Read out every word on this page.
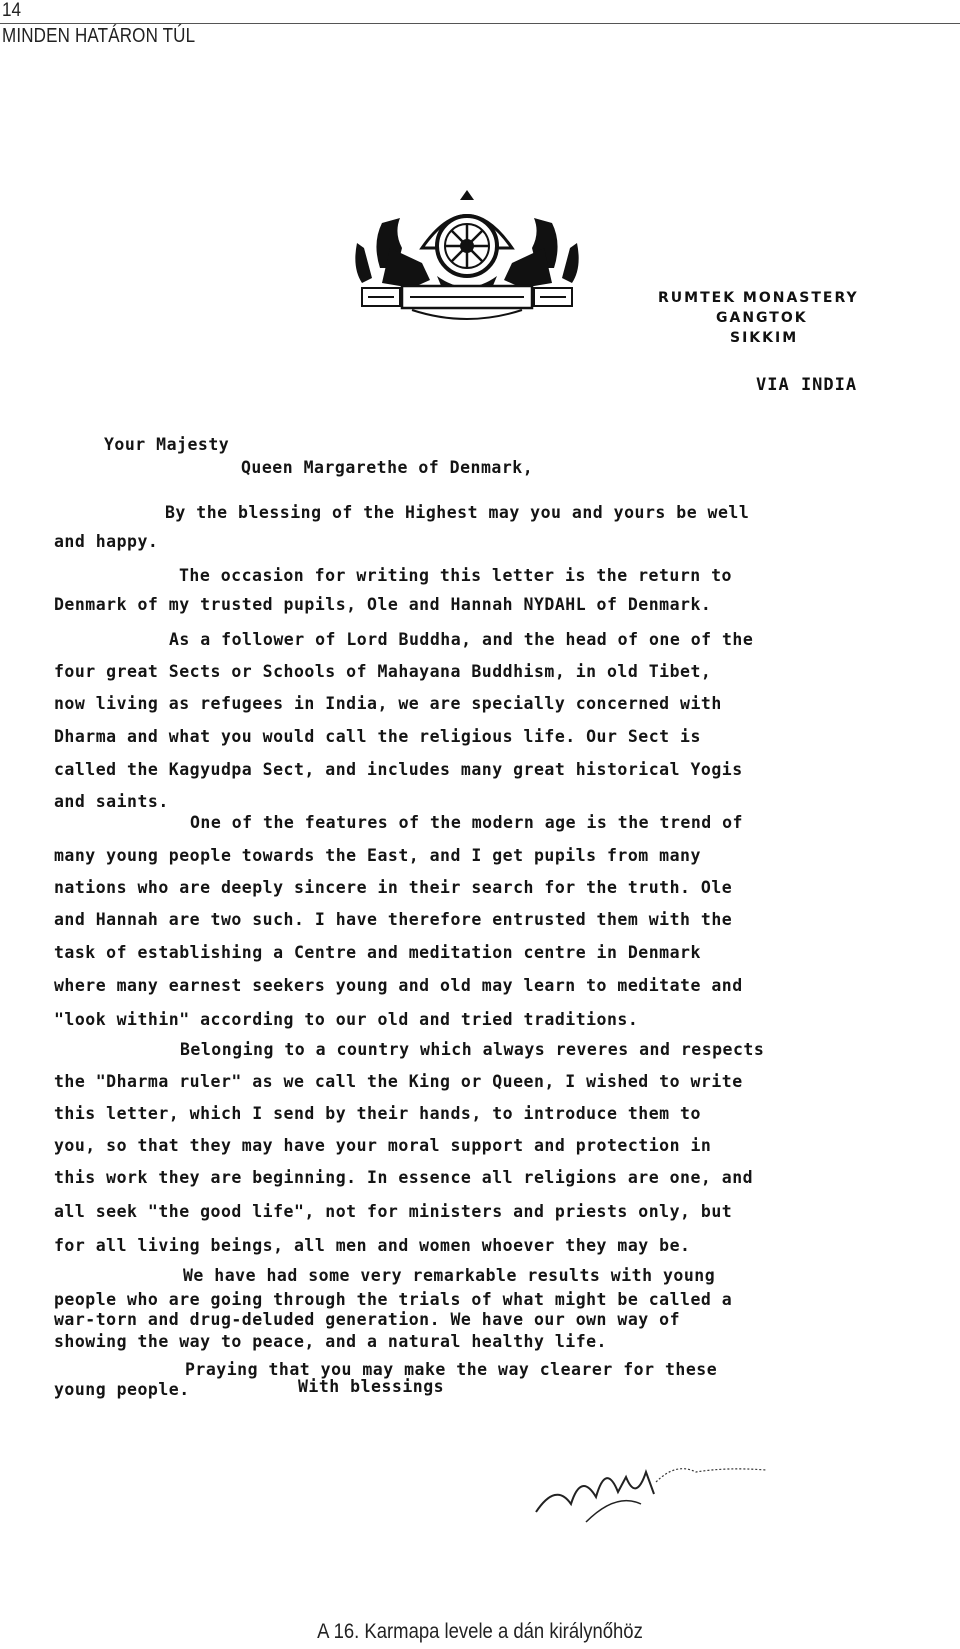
14
MINDEN HATÁRON TÚL
RUMTEK MONASTERY
GANGTOK
SIKKIM
VIA INDIA
Your Majesty
Queen Margarethe of Denmark,
By the blessing of the Highest may you and yours be well
and happy.
The occasion for writing this letter is the return to
Denmark of my trusted pupils, Ole and Hannah NYDAHL of Denmark.
As a follower of Lord Buddha, and the head of one of the
four great Sects or Schools of Mahayana Buddhism, in old Tibet,
now living as refugees in India, we are specially concerned with
Dharma and what you would call the religious life. Our Sect is
called the Kagyudpa Sect, and includes many great historical Yogis
and saints.
One of the features of the modern age is the trend of
many young people towards the East, and I get pupils from many
nations who are deeply sincere in their search for the truth. Ole
and Hannah are two such. I have therefore entrusted them with the
task of establishing a Centre and meditation centre in Denmark
where many earnest seekers young and old may learn to meditate and
"look within" according to our old and tried traditions.
Belonging to a country which always reveres and respects
the "Dharma ruler" as we call the King or Queen, I wished to write
this letter, which I send by their hands, to introduce them to
you, so that they may have your moral support and protection in
this work they are beginning. In essence all religions are one, and
all seek "the good life", not for ministers and priests only, but
for all living beings, all men and women whoever they may be.
We have had some very remarkable results with young
people who are going through the trials of what might be called a
war-torn and drug-deluded generation. We have our own way of
showing the way to peace, and a natural healthy life.
Praying that you may make the way clearer for these
young people.	With blessings
A 16. Karmapa levele a dán királynőhöz
